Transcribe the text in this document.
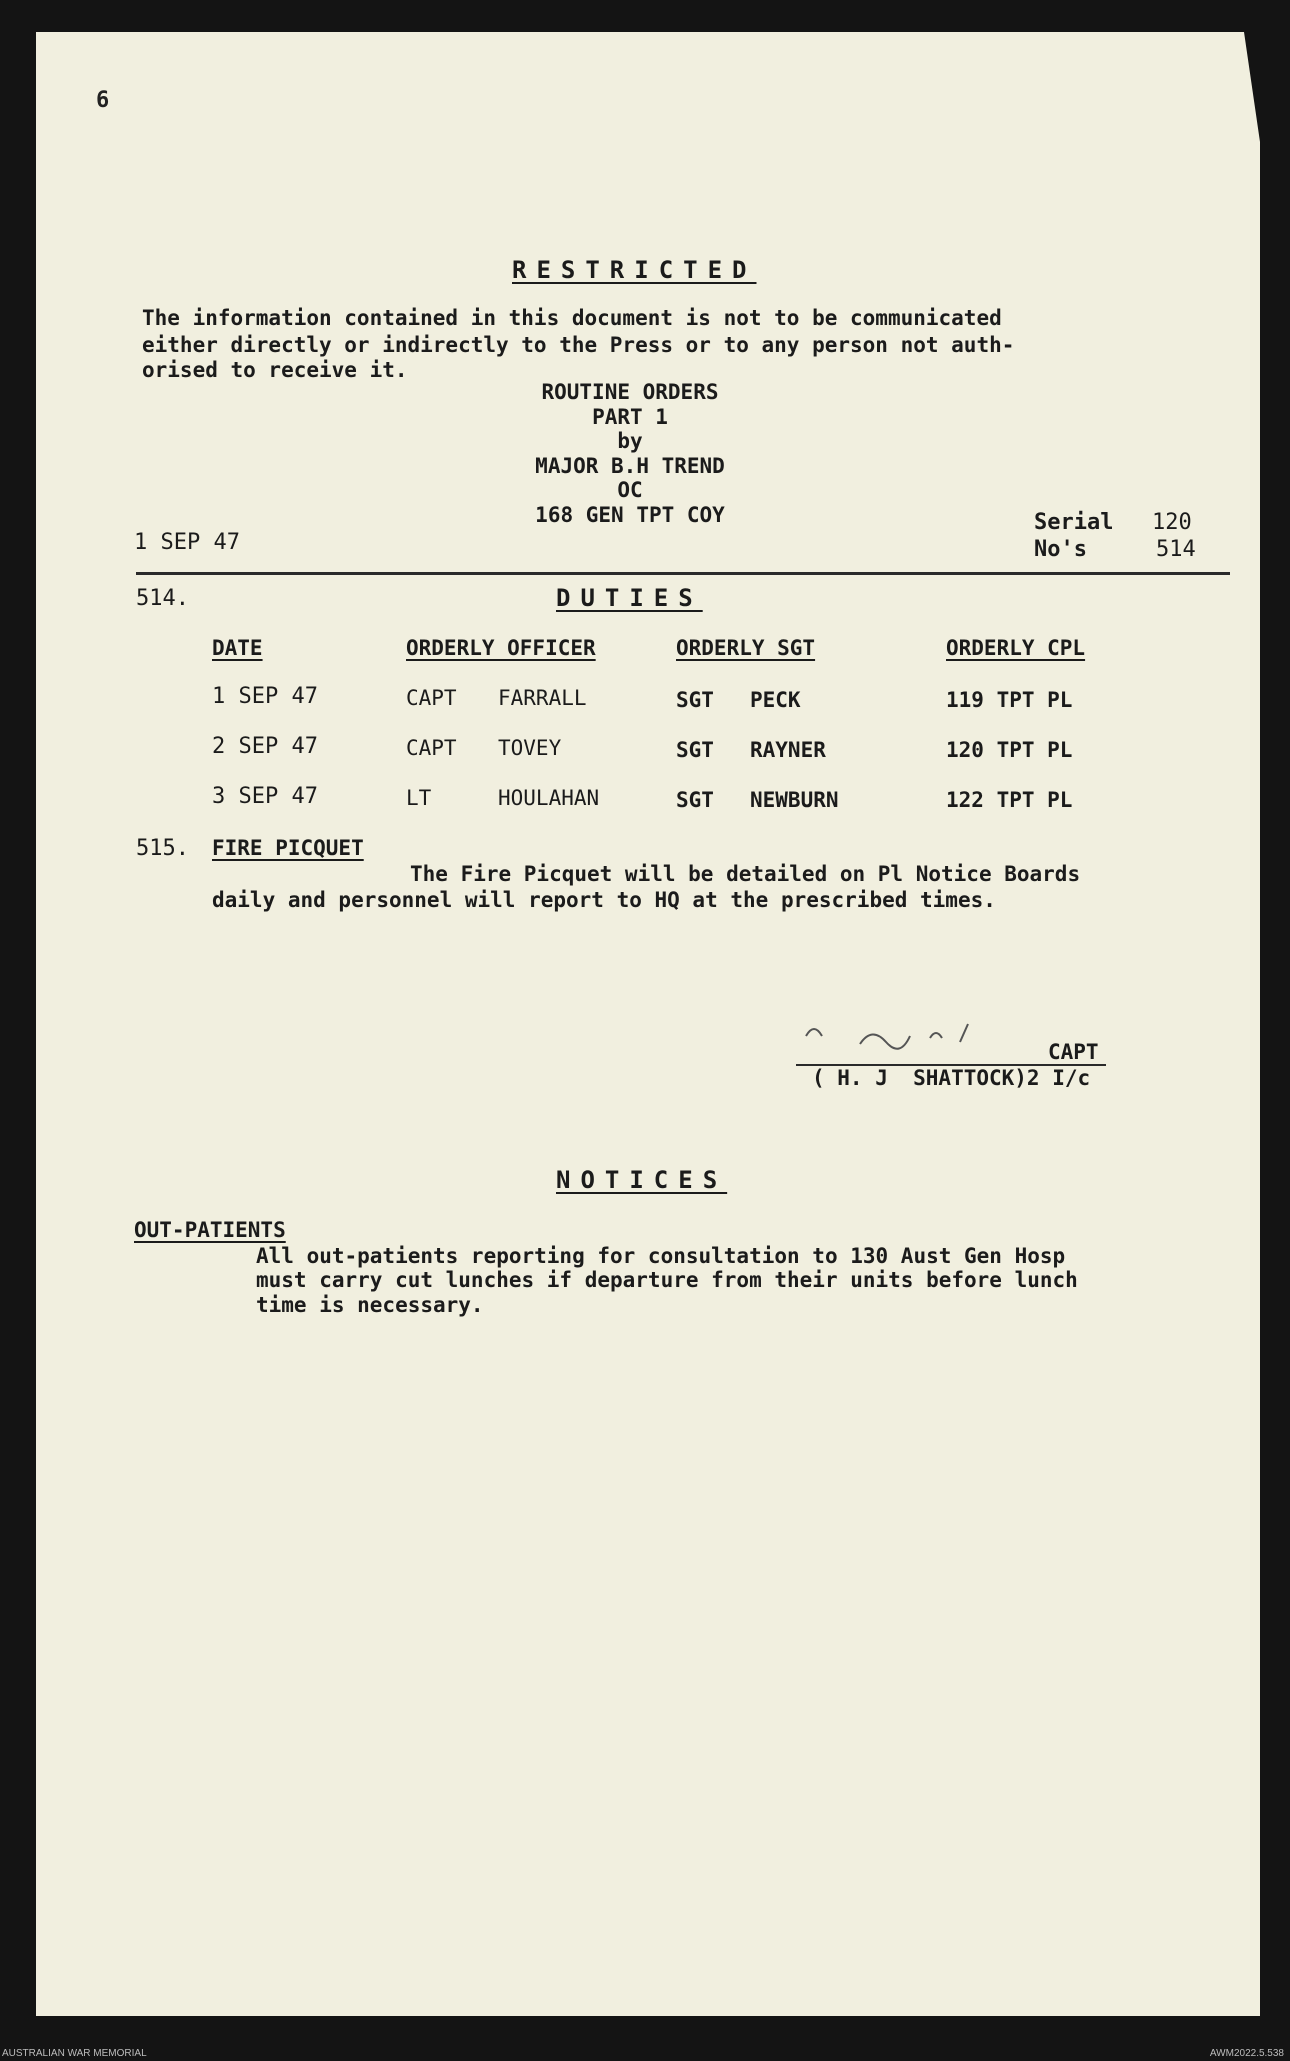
6
RESTRICTED
The information contained in this document is not to be communicated
either directly or indirectly to the Press or to any person not auth-
orised to receive it.
ROUTINE ORDERS
PART 1
by
MAJOR B.H TREND
OC
168 GEN TPT COY
1 SEP 47
Serial 120
No's	514
514.	DUTIES
DATE	ORDERLY OFFICER	ORDERLY SGT	ORDERLY CPL
1 SEP 47	CAPT FARRALL	SGT PECK	119 TPT PL
2 SEP 47	CAPT TOVEY	SGT RAYNER	120 TPT PL
3 SEP 47	LT	HOULAHAN	SGT NEWBURN	122 TPT PL
515. FIRE PICQUET
The Fire Picquet will be detailed on Pl Notice Boards
daily and personnel will report to HQ at the prescribed times.
CAPT
( H. J  SHATTOCK)2 I/c
NOTICES
OUT-PATIENTS
All out-patients reporting for consultation to 130 Aust Gen Hosp
must carry cut lunches if departure from their units before lunch
time is necessary.
AUSTRALIAN WAR MEMORIAL	AWM2022.5.538
